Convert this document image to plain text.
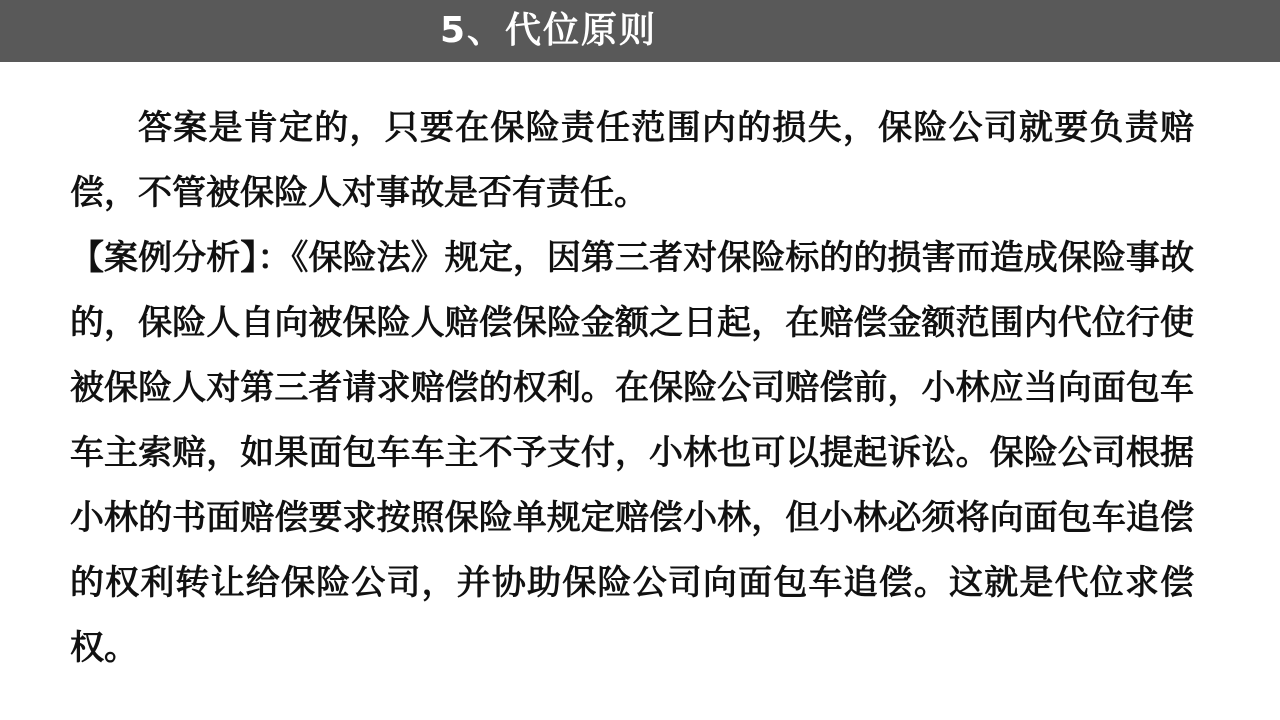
5、代位原则

答案是肯定的，只要在保险责任范围内的损失，保险公司就要负责赔偿，不管被保险人对事故是否有责任。

【案例分析】：《保险法》规定，因第三者对保险标的的损害而造成保险事故的，保险人自向被保险人赔偿保险金额之日起，在赔偿金额范围内代位行使被保险人对第三者请求赔偿的权利。在保险公司赔偿前，小林应当向面包车车主索赔，如果面包车车主不予支付，小林也可以提起诉讼。保险公司根据小林的书面赔偿要求按照保险单规定赔偿小林，但小林必须将向面包车追偿的权利转让给保险公司，并协助保险公司向面包车追偿。这就是代位求偿权。
